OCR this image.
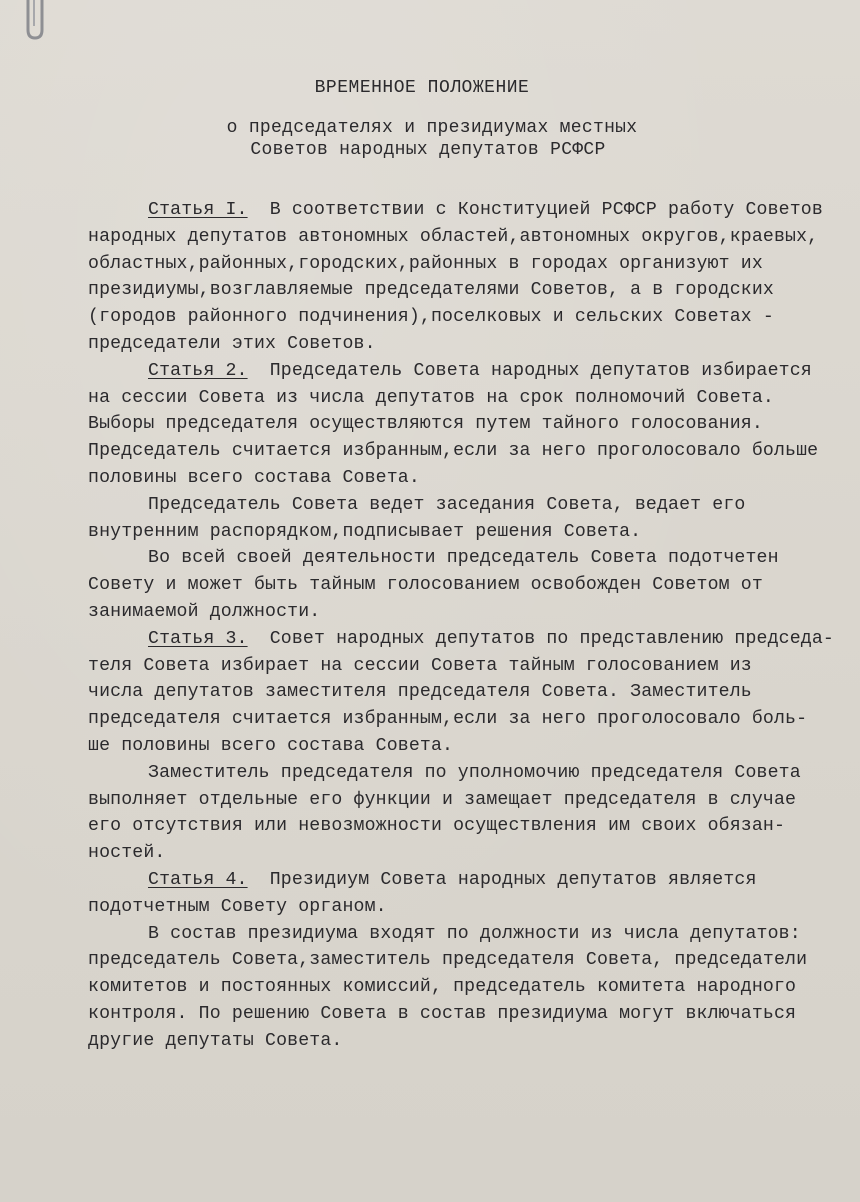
ВРЕМЕННОЕ ПОЛОЖЕНИЕ
о председателях и президиумах местных
Советов народных депутатов РСФСР
Статья I.  В соответствии с Конституцией РСФСР работу Советов
народных депутатов автономных областей,автономных округов,краевых,
областных,районных,городских,районных в городах организуют их
президиумы,возглавляемые председателями Советов, а в городских
(городов районного подчинения),поселковых и сельских Советах -
председатели этих Советов.
Статья 2.  Председатель Совета народных депутатов избирается
на сессии Совета из числа депутатов на срок полномочий Совета.
Выборы председателя осуществляются путем тайного голосования.
Председатель считается избранным,если за него проголосовало больше
половины всего состава Совета.
Председатель Совета ведет заседания Совета, ведает его
внутренним распорядком,подписывает решения Совета.
Во всей своей деятельности председатель Совета подотчетен
Совету и может быть тайным голосованием освобожден Советом от
занимаемой должности.
Статья 3.  Совет народных депутатов по представлению председа-
теля Совета избирает на сессии Совета тайным голосованием из
числа депутатов заместителя председателя Совета. Заместитель
председателя считается избранным,если за него проголосовало боль-
ше половины всего состава Совета.
Заместитель председателя по уполномочию председателя Совета
выполняет отдельные его функции и замещает председателя в случае
его отсутствия или невозможности осуществления им своих обязан-
ностей.
Статья 4.  Президиум Совета народных депутатов является
подотчетным Совету органом.
В состав президиума входят по должности из числа депутатов:
председатель Совета,заместитель председателя Совета, председатели
комитетов и постоянных комиссий, председатель комитета народного
контроля. По решению Совета в состав президиума могут включаться
другие депутаты Совета.
